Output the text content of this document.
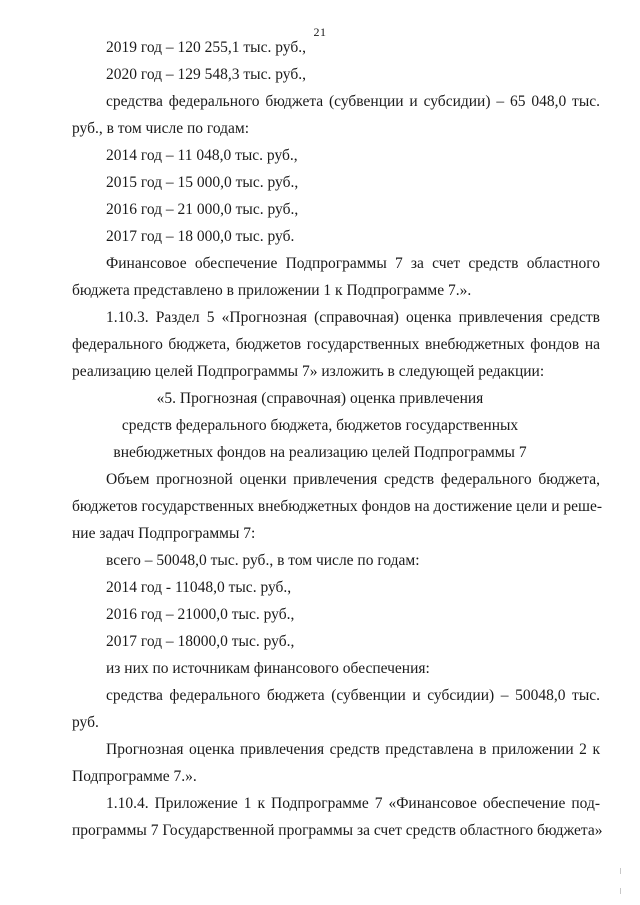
21
2019 год – 120 255,1 тыс. руб.,
2020 год – 129 548,3 тыс. руб.,
средства федерального бюджета (субвенции и субсидии) – 65 048,0 тыс.
руб., в том числе по годам:
2014 год – 11 048,0 тыс. руб.,
2015 год – 15 000,0 тыс. руб.,
2016 год – 21 000,0 тыс. руб.,
2017 год – 18 000,0 тыс. руб.
Финансовое обеспечение Подпрограммы 7 за счет средств областного
бюджета представлено в приложении 1 к Подпрограмме 7.».
1.10.3. Раздел 5 «Прогнозная (справочная) оценка привлечения средств
федерального бюджета, бюджетов государственных внебюджетных фондов на
реализацию целей Подпрограммы 7» изложить в следующей редакции:
«5. Прогнозная (справочная) оценка привлечения
средств федерального бюджета, бюджетов государственных
внебюджетных фондов на реализацию целей Подпрограммы 7
Объем прогнозной оценки привлечения средств федерального бюджета,
бюджетов государственных внебюджетных фондов на достижение цели и реше-
ние задач Подпрограммы 7:
всего – 50048,0 тыс. руб., в том числе по годам:
2014 год - 11048,0 тыс. руб.,
2016 год – 21000,0 тыс. руб.,
2017 год – 18000,0 тыс. руб.,
из них по источникам финансового обеспечения:
средства федерального бюджета (субвенции и субсидии) – 50048,0 тыс.
руб.
Прогнозная оценка привлечения средств представлена в приложении 2 к
Подпрограмме 7.».
1.10.4. Приложение 1 к Подпрограмме 7 «Финансовое обеспечение под-
программы 7 Государственной программы за счет средств областного бюджета»
